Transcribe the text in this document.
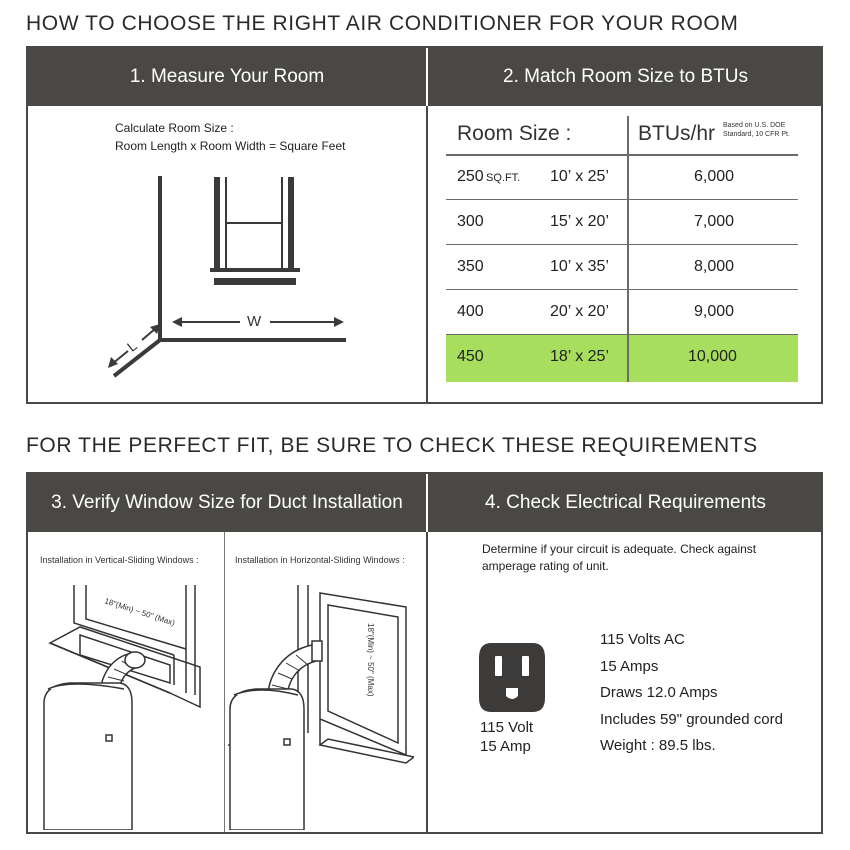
HOW TO CHOOSE THE RIGHT AIR CONDITIONER FOR YOUR ROOM
1. Measure Your Room	2. Match Room Size to BTUs
Calculate Room Size :
Room Length x Room Width = Square Feet
W
L
Room Size :	BTUs/hr Based on U.S. DOE
Standard, 10 CFR Pt.
250 SQ.FT. 10’ x 25’	6,000
300	15’ x 20’	7,000
350	10’ x 35’	8,000
400	20’ x 20’	9,000
450	18’ x 25’	10,000
FOR THE PERFECT FIT, BE SURE TO CHECK THESE REQUIREMENTS
3. Verify Window Size for Duct Installation	4. Check Electrical Requirements
Installation in Vertical-Sliding Windows :	Installation in Horizontal-Sliding Windows :
18"(Min) ~ 50" (Max)
18"(Min) ~ 50" (Max)
Determine if your circuit is adequate. Check against
amperage rating of unit.
115 Volt
15 Amp
115 Volts AC
15 Amps
Draws 12.0 Amps
Includes 59" grounded cord
Weight : 89.5 lbs.
